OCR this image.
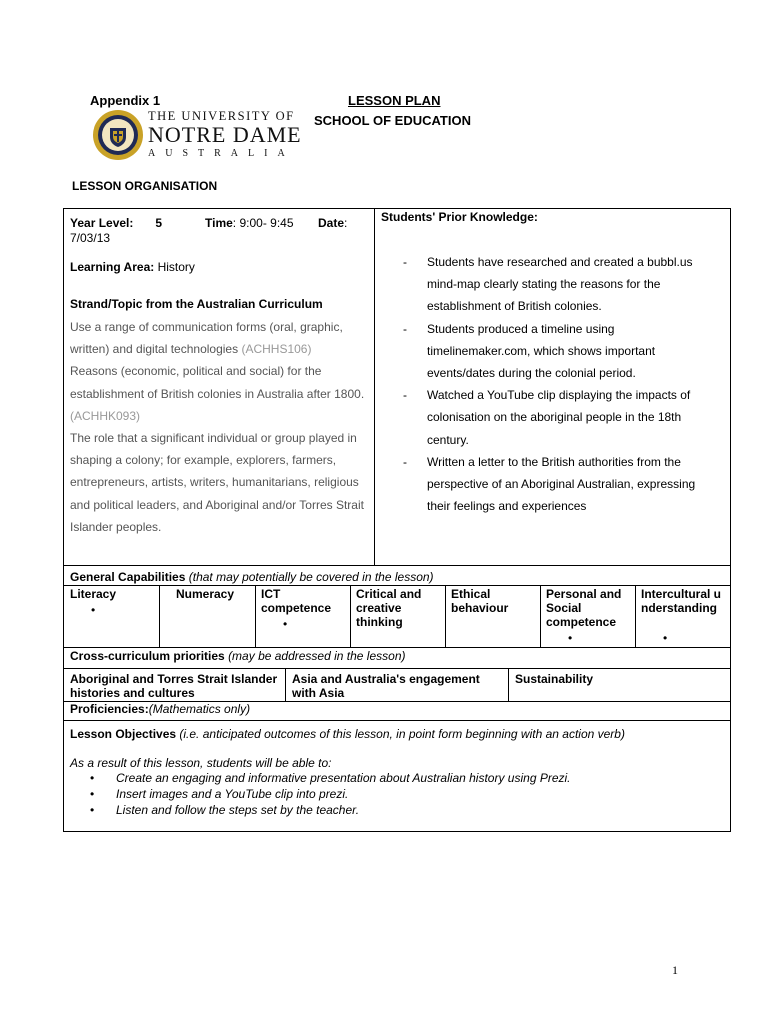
Appendix 1
THE UNIVERSITY OF
NOTRE DAME
AUSTRALIA
LESSON PLAN
SCHOOL OF EDUCATION
LESSON ORGANISATION
Year Level: 5	Time: 9:00- 9:45 Date:
7/03/13
Learning Area: History
Strand/Topic from the Australian Curriculum
Use a range of communication forms (oral, graphic, written) and digital technologies (ACHHS106)
Reasons (economic, political and social) for the establishment of British colonies in Australia after 1800. (ACHHK093)
The role that a significant individual or group played in shaping a colony; for example, explorers, farmers, entrepreneurs, artists, writers, humanitarians, religious and political leaders, and Aboriginal and/or Torres Strait Islander peoples.
Students' Prior Knowledge:
- Students have researched and created a bubbl.us mind-map clearly stating the reasons for the establishment of British colonies.
- Students produced a timeline using timelinemaker.com, which shows important events/dates during the colonial period.
- Watched a YouTube clip displaying the impacts of colonisation on the aboriginal people in the 18th century.
- Written a letter to the British authorities from the perspective of an Aboriginal Australian, expressing their feelings and experiences
General Capabilities (that may potentially be covered in the lesson)
Literacy
•
Numeracy	ICT competence
•
Critical and creative thinking
Ethical behaviour
Personal and Social competence
•
Intercultural understanding
•
Cross-curriculum priorities (may be addressed in the lesson)
Aboriginal and Torres Strait Islander histories and cultures
Asia and Australia's engagement with Asia
Sustainability
Proficiencies:(Mathematics only)
Lesson Objectives (i.e. anticipated outcomes of this lesson, in point form beginning with an action verb)
As a result of this lesson, students will be able to:
• Create an engaging and informative presentation about Australian history using Prezi.
• Insert images and a YouTube clip into prezi.
• Listen and follow the steps set by the teacher.
1
